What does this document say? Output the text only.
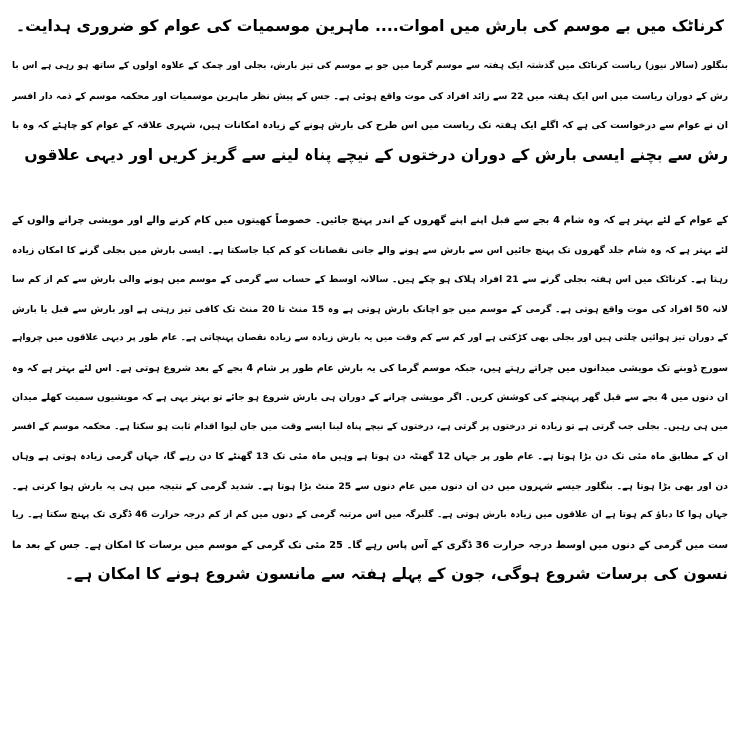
کرناٹک میں بے موسم کی بارش میں اموات.... ماہرین موسمیات کی عوام کو ضروری ہدایت۔
بنگلور (سالار نیوز) ریاست کرناٹک میں گذشتہ ایک ہفتہ سے موسم گرما میں جو بے موسم کی تیز بارش، بجلی اور چمک کے علاوہ اولوں کے ساتھ ہو رہی ہے اس با
رش کے دوران ریاست میں اس ایک ہفتہ میں 22 سے زائد افراد کی موت واقع ہوئی ہے۔ جس کے پیش نظر ماہرین موسمیات اور محکمہ موسم کے ذمہ دار افسر
ان نے عوام سے درخواست کی ہے کہ اگلے ایک ہفتہ تک ریاست میں اس طرح کی بارش ہونے کے زیادہ امکانات ہیں، شہری علاقہ کے عوام کو چاہئے کہ وہ با
رش سے بچنے ایسی بارش کے دوران درختوں کے نیچے پناہ لینے سے گریز کریں اور دیہی علاقوں
کے عوام کے لئے بہتر ہے کہ وہ شام 4 بجے سے قبل اپنے اپنے گھروں کے اندر پہنچ جائیں۔ خصوصاً کھیتوں میں کام کرنے والے اور مویشی چرانے والوں کے
لئے بہتر ہے کہ وہ شام جلد گھروں تک پہنچ جائیں اس سے بارش سے ہونے والے جانی نقصانات کو کم کیا جاسکتا ہے۔ ایسی بارش میں بجلی گرنے کا امکان زیادہ
رہتا ہے۔ کرناٹک میں اس ہفتہ بجلی گرنے سے 21 افراد ہلاک ہو چکے ہیں۔ سالانہ اوسط کے حساب سے گرمی کے موسم میں ہونے والی بارش سے کم از کم سا
لانہ 50 افراد کی موت واقع ہوتی ہے۔ گرمی کے موسم میں جو اچانک بارش ہوتی ہے وہ 15 منٹ تا 20 منٹ تک کافی تیز رہتی ہے اور بارش سے قبل یا بارش
کے دوران تیز ہوائیں چلتی ہیں اور بجلی بھی کڑکتی ہے اور کم سے کم وقت میں یہ بارش زیادہ سے زیادہ نقصان پہنچاتی ہے۔ عام طور پر دیہی علاقوں میں چرواہے
سورج ڈوبنے تک مویشی میدانوں میں چراتے رہتے ہیں، جبکہ موسم گرما کی یہ بارش عام طور پر شام 4 بجے کے بعد شروع ہوتی ہے۔ اس لئے بہتر ہے کہ وہ
ان دنوں میں 4 بجے سے قبل گھر پہنچنے کی کوشش کریں۔ اگر مویشی چرانے کے دوران ہی بارش شروع ہو جائے تو بہتر یہی ہے کہ مویشیوں سمیت کھلے میدان
میں ہی رہیں۔ بجلی جب گرتی ہے تو زیادہ تر درختوں پر گرتی ہے، درختوں کے نیچے پناہ لینا ایسے وقت میں جان لیوا اقدام ثابت ہو سکتا ہے۔ محکمہ موسم کے افسر
ان کے مطابق ماہ مئی تک دن بڑا ہوتا ہے۔ عام طور پر جہاں 12 گھنٹہ دن ہوتا ہے وہیں ماہ مئی تک 13 گھنٹے کا دن رہے گا، جہاں گرمی زیادہ ہوتی ہے وہاں
دن اور بھی بڑا ہوتا ہے۔ بنگلور جیسے شہروں میں دن ان دنوں میں عام دنوں سے 25 منٹ بڑا ہوتا ہے۔ شدید گرمی کے نتیجہ میں ہی یہ بارش ہوا کرتی ہے۔
جہاں ہوا کا دباؤ کم ہوتا ہے ان علاقوں میں زیادہ بارش ہوتی ہے۔ گلبرگہ میں اس مرتبہ گرمی کے دنوں میں کم از کم درجہ حرارت 46 ڈگری تک پہنچ سکتا ہے۔ ریا
ست میں گرمی کے دنوں میں اوسط درجہ حرارت 36 ڈگری کے آس پاس رہے گا۔ 25 مئی تک گرمی کے موسم میں برسات کا امکان ہے۔ جس کے بعد ما
نسون کی برسات شروع ہوگی، جون کے پہلے ہفتہ سے مانسون شروع ہونے کا امکان ہے۔
